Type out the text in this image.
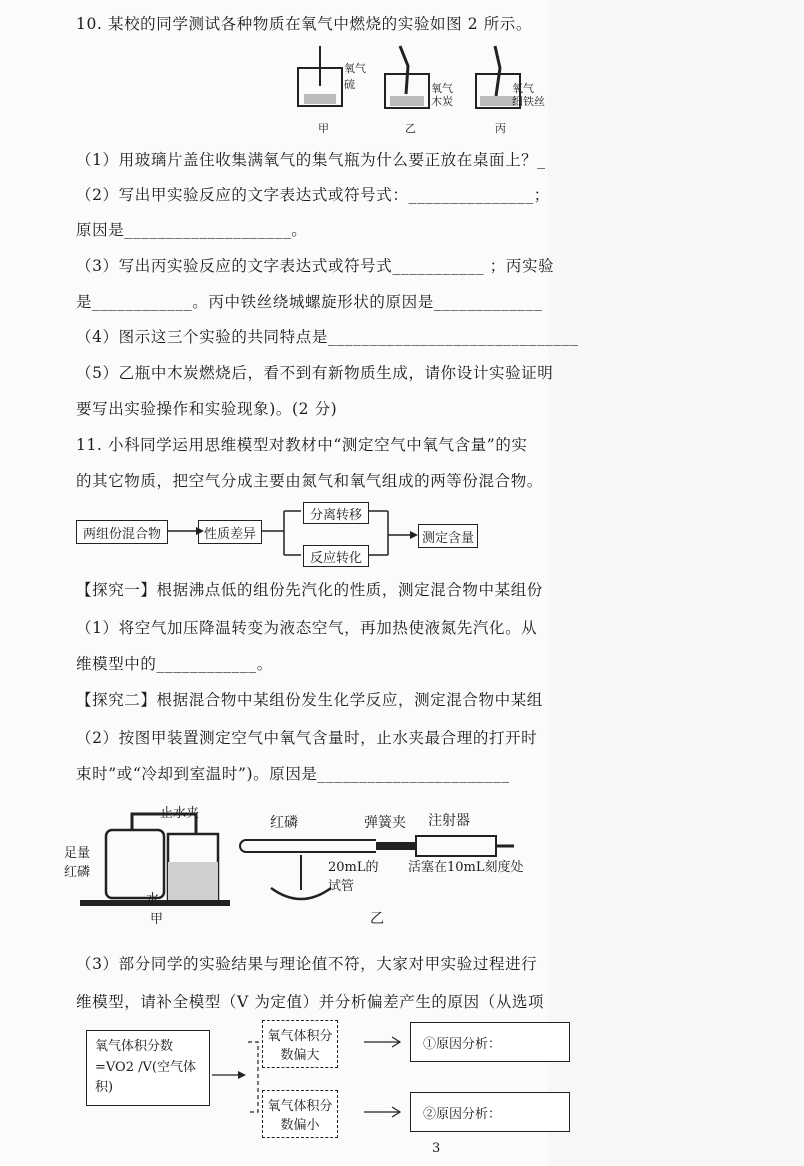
10. 某校的同学测试各种物质在氧气中燃烧的实验如图 2 所示。
氧气
硫	氧气
木炭
氧气
细铁丝
甲	乙	丙
（1）用玻璃片盖住收集满氧气的集气瓶为什么要正放在桌面上？_
（2）写出甲实验反应的文字表达式或符号式：_______________；
原因是____________________。
（3）写出丙实验反应的文字表达式或符号式___________ ；丙实验
是____________。丙中铁丝绕城螺旋形状的原因是_____________
（4）图示这三个实验的共同特点是______________________________
（5）乙瓶中木炭燃烧后，看不到有新物质生成，请你设计实验证明
要写出实验操作和实验现象)。(2 分)
11. 小科同学运用思维模型对教材中“测定空气中氧气含量”的实
的其它物质，把空气分成主要由氮气和氧气组成的两等份混合物。
两组份混合物	性质差异
分离转移
反应转化
测定含量
【探究一】根据沸点低的组份先汽化的性质，测定混合物中某组份
（1）将空气加压降温转变为液态空气，再加热使液氮先汽化。从
维模型中的____________。
【探究二】根据混合物中某组份发生化学反应，测定混合物中某组
（2）按图甲装置测定空气中氧气含量时，止水夹最合理的打开时
束时”或“冷却到室温时”)。原因是_______________________
止水夹
足量红磷
水
甲
红磷	弹簧夹 注射器
20mL的试管
活塞在10mL刻度处
乙
（3）部分同学的实验结果与理论值不符，大家对甲实验过程进行
维模型，请补全模型（V 为定值）并分析偏差产生的原因（从选项
氧气体积分数=VO2 /V(空气体积)
氧气体积分数偏大
氧气体积分数偏小
①原因分析：
②原因分析：
3
